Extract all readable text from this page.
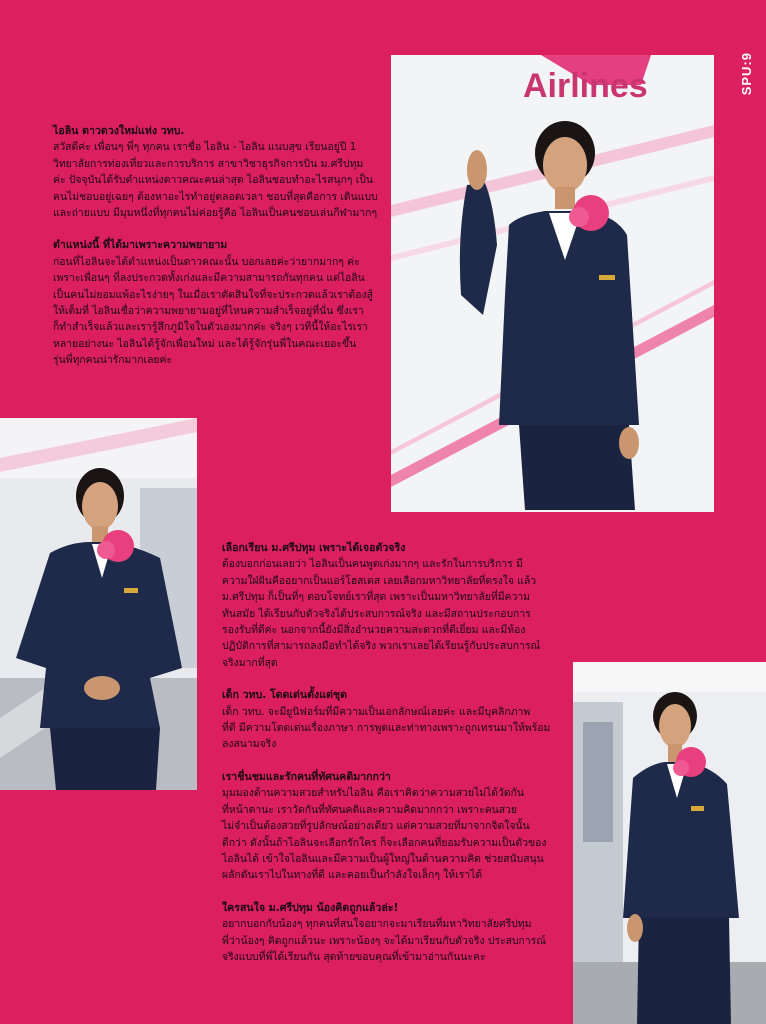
SPU:9
Airlines
ไอลิน ดาวดวงใหม่แห่ง วทบ.

สวัสดีค่ะ เพื่อนๆ พี่ๆ ทุกคน เราชื่อ ไอลิน - ไอลิน แนบสุข เรียนอยู่ปี 1

วิทยาลัยการท่องเที่ยวและการบริการ สาขาวิชาธุรกิจการบิน ม.ศรีปทุม

ค่ะ ปัจจุบันได้รับตำแหน่งดาวคณะคนล่าสุด ไอลินชอบทำอะไรสนุกๆ เป็น

คนไม่ชอบอยู่เฉยๆ ต้องหาอะไรทำอยู่ตลอดเวลา ชอบที่สุดคือการ เดินแบบ

และถ่ายแบบ มีมุมหนึ่งที่ทุกคนไม่ค่อยรู้คือ ไอลินเป็นคนชอบเล่นกีฬามากๆ

ตำแหน่งนี้ ที่ได้มาเพราะความพยายาม

ก่อนที่ไอลินจะได้ตำแหน่งเป็นดาวคณะนั้น บอกเลยค่ะว่ายากมากๆ ค่ะ

เพราะเพื่อนๆ ที่ลงประกวดทั้งเก่งและมีความสามารถกันทุกคน แต่ไอลิน

เป็นคนไม่ยอมแพ้อะไรง่ายๆ ในเมื่อเราตัดสินใจที่จะประกวดแล้วเราต้องสู้

ให้เต็มที่ ไอลินเชื่อว่าความพยายามอยู่ที่ไหนความสำเร็จอยู่ที่นั่น ซึ่งเรา

ก็ทำสำเร็จแล้วและเรารู้สึกภูมิใจในตัวเองมากค่ะ จริงๆ เวทีนี้ให้อะไรเรา

หลายอย่างนะ ไอลินได้รู้จักเพื่อนใหม่ และได้รู้จักรุ่นพี่ในคณะเยอะขึ้น

รุ่นพี่ทุกคนน่ารักมากเลยค่ะ

เลือกเรียน ม.ศรีปทุม เพราะได้เจอตัวจริง

ต้องบอกก่อนเลยว่า ไอลินเป็นคนพูดเก่งมากๆ และรักในการบริการ มี

ความใฝ่ฝันคืออยากเป็นแอร์โฮสเตส เลยเลือกมหาวิทยาลัยที่ตรงใจ แล้ว

ม.ศรีปทุม ก็เป็นที่ๆ ตอบโจทย์เราที่สุด เพราะเป็นมหาวิทยาลัยที่มีความ

ทันสมัย ได้เรียนกับตัวจริงได้ประสบการณ์จริง และมีสถานประกอบการ

รองรับที่ดีค่ะ นอกจากนี้ยังมีสิ่งอำนวยความสะดวกที่ดีเยี่ยม และมีห้อง

ปฏิบัติการที่สามารถลงมือทำได้จริง พวกเราเลยได้เรียนรู้กับประสบการณ์

จริงมากที่สุด

เด็ก วทบ. โดดเด่นตั้งแต่ชุด

เด็ก วทบ. จะมียูนิฟอร์มที่มีความเป็นเอกลักษณ์เลยค่ะ และมีบุคลิกภาพ

ที่ดี มีความโดดเด่นเรื่องภาษา การพูดและท่าทางเพราะถูกเทรนมาให้พร้อม

ลงสนามจริง

เราชื่นชมและรักคนที่ทัศนคติมากกว่า

มุมมองด้านความสวยสำหรับไอลิน คือเราคิดว่าความสวยไม่ได้วัดกัน

ที่หน้าตานะ เราวัดกันที่ทัศนคติและความคิดมากกว่า เพราะคนสวย

ไม่จำเป็นต้องสวยที่รูปลักษณ์อย่างเดียว แต่ความสวยที่มาจากจิตใจนั้น

ดีกว่า ดังนั้นถ้าไอลินจะเลือกรักใคร ก็จะเลือกคนที่ยอมรับความเป็นตัวของ

ไอลินได้ เข้าใจไอลินและมีความเป็นผู้ใหญ่ในด้านความคิด ช่วยสนับสนุน

ผลักดันเราไปในทางที่ดี และคอยเป็นกำลังใจเล็กๆ ให้เราได้

ใครสนใจ ม.ศรีปทุม น้องคิดถูกแล้วล่ะ!

อยากบอกกับน้องๆ ทุกคนที่สนใจอยากจะมาเรียนที่มหาวิทยาลัยศรีปทุม

พี่ว่าน้องๆ คิดถูกแล้วนะ เพราะน้องๆ จะได้มาเรียนกับตัวจริง ประสบการณ์

จริงแบบที่พี่ได้เรียนกัน สุดท้ายขอบคุณที่เข้ามาอ่านกันนะคะ
